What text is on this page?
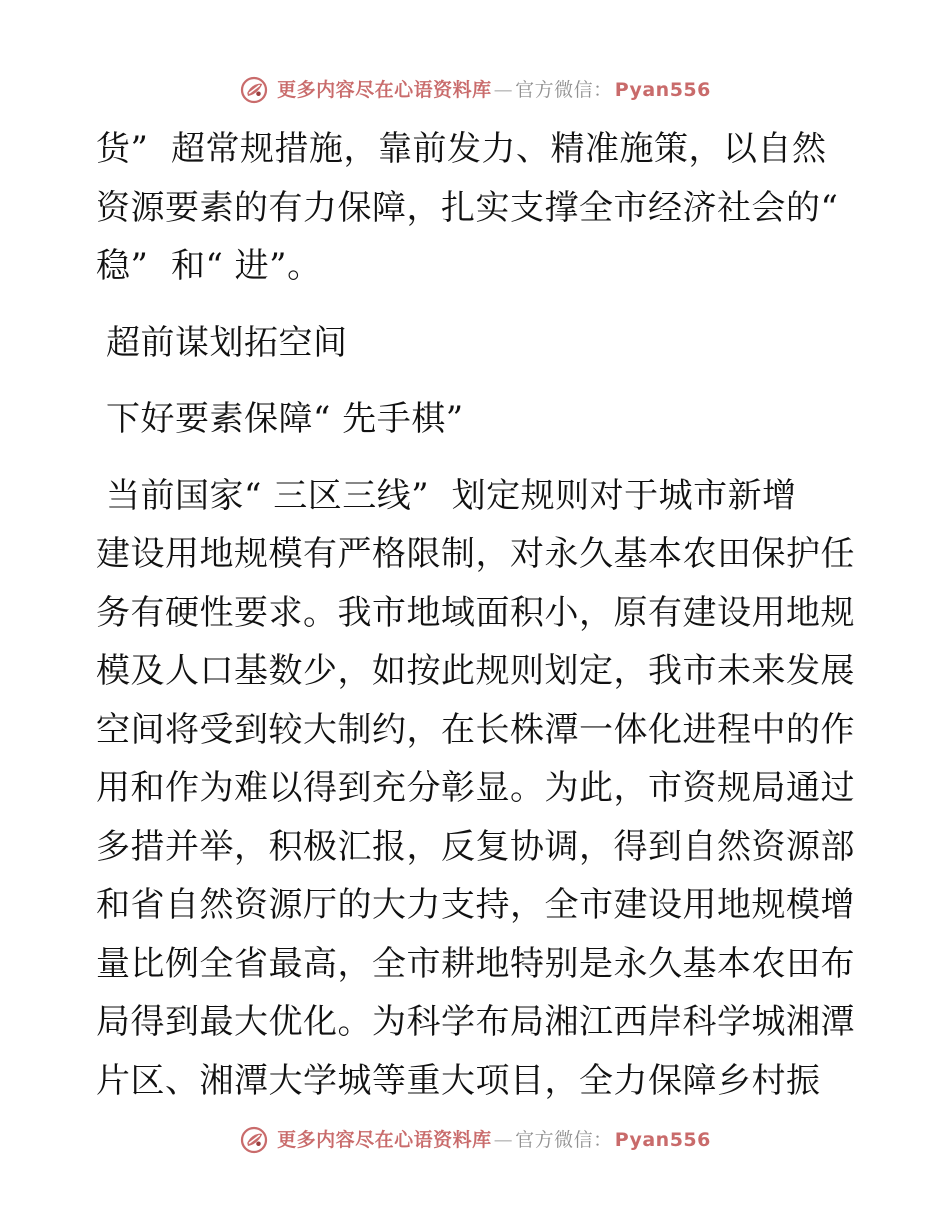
更多内容尽在心语资料库 — 官方微信 ： Pyan556
货”  超常规措施，靠前发力、精准施策，以自然
资源要素的有力保障，扎实支撑全市经济社会的“
稳”  和“ 进”。
超前谋划拓空间
下好要素保障“ 先手棋”
当前国家“ 三区三线”  划定规则对于城市新增
建设用地规模有严格限制，对永久基本农田保护任
务有硬性要求。我市地域面积小，原有建设用地规
模及人口基数少，如按此规则划定，我市未来发展
空间将受到较大制约，在长株潭一体化进程中的作
用和作为难以得到充分彰显。为此，市资规局通过
多措并举，积极汇报，反复协调，得到自然资源部
和省自然资源厅的大力支持，全市建设用地规模增
量比例全省最高，全市耕地特别是永久基本农田布
局得到最大优化。为科学布局湘江西岸科学城湘潭
片区、湘潭大学城等重大项目，全力保障乡村振
更多内容尽在心语资料库 — 官方微信 ： Pyan556
